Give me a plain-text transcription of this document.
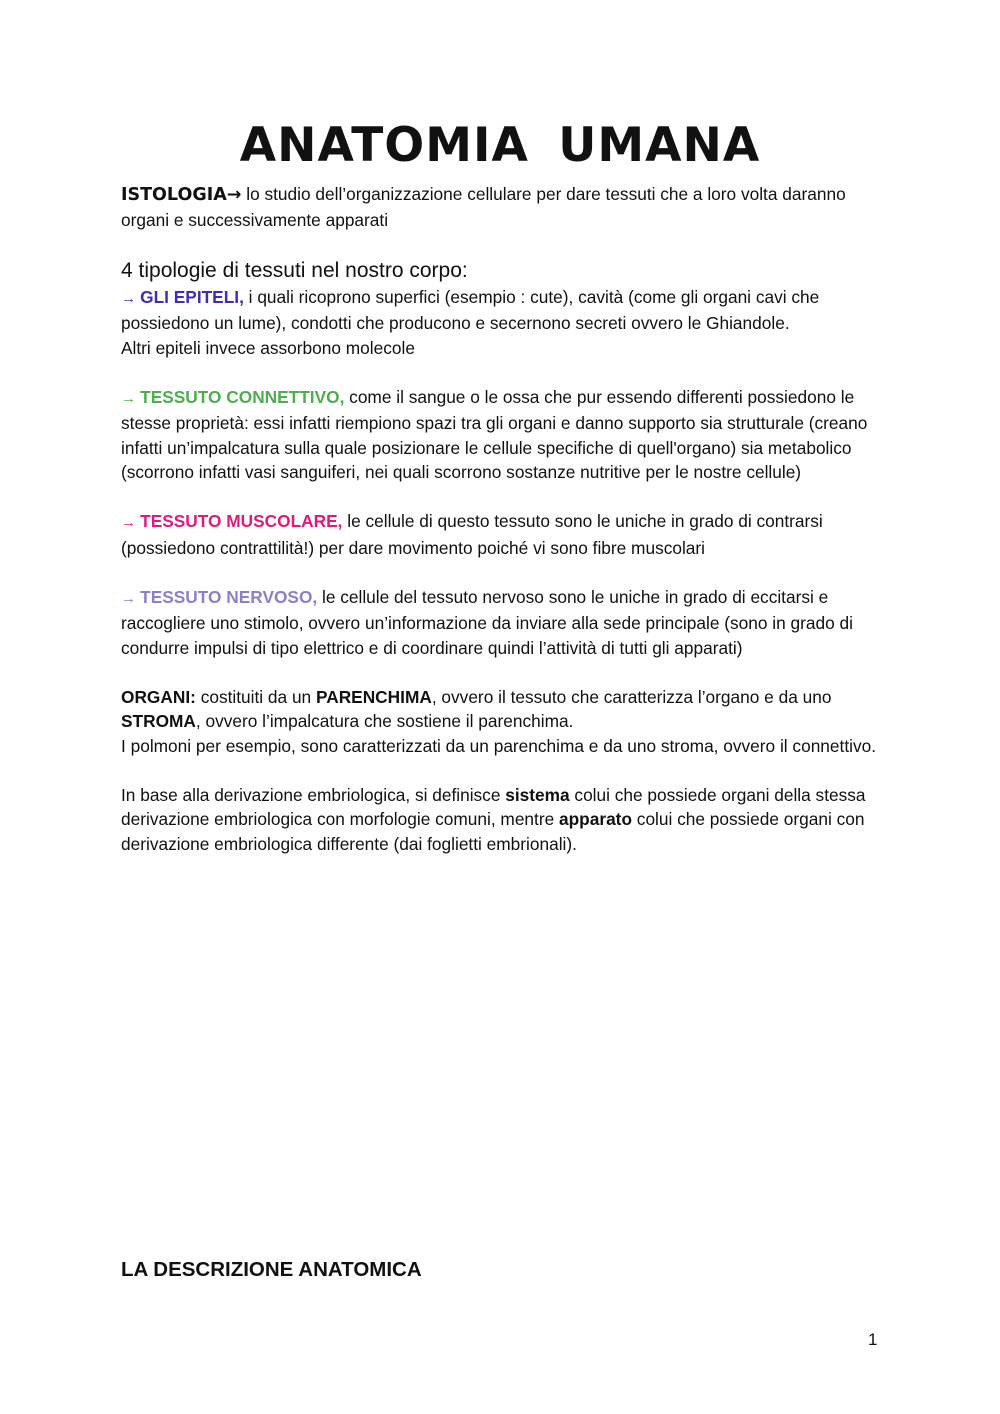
ANATOMIA UMANA

ISTOLOGIA→ lo studio dell’organizzazione cellulare per dare tessuti che a loro volta daranno organi e successivamente apparati

4 tipologie di tessuti nel nostro corpo:

→ GLI EPITELI, i quali ricoprono superfici (esempio : cute), cavità (come gli organi cavi che possiedono un lume), condotti che producono e secernono secreti ovvero le Ghiandole.

Altri epiteli invece assorbono molecole

→ TESSUTO CONNETTIVO, come il sangue o le ossa che pur essendo differenti possiedono le stesse proprietà: essi infatti riempiono spazi tra gli organi e danno supporto sia strutturale (creano infatti un’impalcatura sulla quale posizionare le cellule specifiche di quell'organo) sia metabolico (scorrono infatti vasi sanguiferi, nei quali scorrono sostanze nutritive per le nostre cellule)

→ TESSUTO MUSCOLARE, le cellule di questo tessuto sono le uniche in grado di contrarsi (possiedono contrattilità!) per dare movimento poiché vi sono fibre muscolari

→ TESSUTO NERVOSO, le cellule del tessuto nervoso sono le uniche in grado di eccitarsi e raccogliere uno stimolo, ovvero un’informazione da inviare alla sede principale (sono in grado di condurre impulsi di tipo elettrico e di coordinare quindi l’attività di tutti gli apparati)

ORGANI: costituiti da un PARENCHIMA, ovvero il tessuto che caratterizza l’organo e da uno STROMA, ovvero l’impalcatura che sostiene il parenchima.

I polmoni per esempio, sono caratterizzati da un parenchima e da uno stroma, ovvero il connettivo.

In base alla derivazione embriologica, si definisce sistema colui che possiede organi della stessa derivazione embriologica con morfologie comuni, mentre apparato colui che possiede organi con derivazione embriologica differente (dai foglietti embrionali).

LA DESCRIZIONE ANATOMICA
1
